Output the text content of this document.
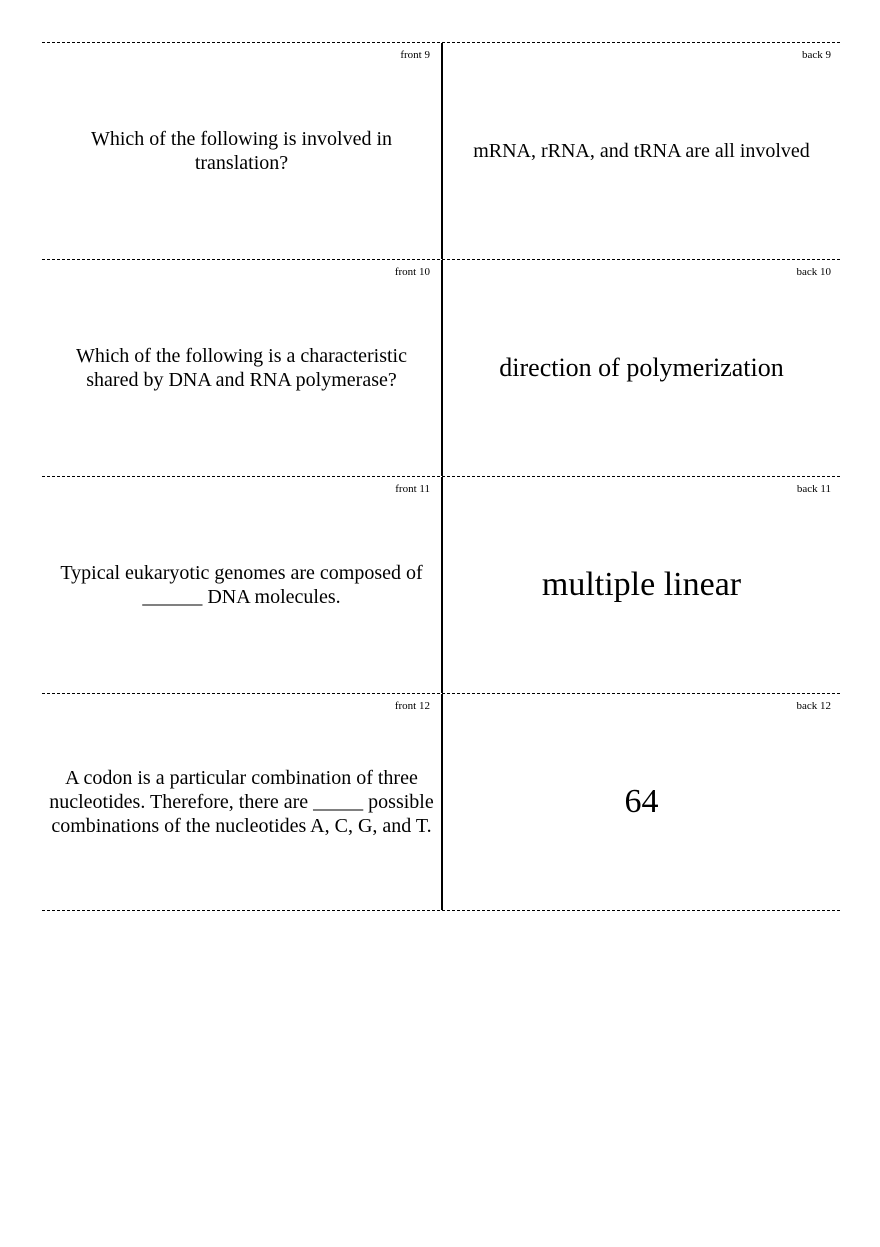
front 9
Which of the following is involved in
translation?
back 9
mRNA, rRNA, and tRNA are all involved
front 10
Which of the following is a characteristic
shared by DNA and RNA polymerase?
back 10
direction of polymerization
front 11
Typical eukaryotic genomes are composed of
______ DNA molecules.
back 11
multiple linear
front 12
A codon is a particular combination of three
nucleotides. Therefore, there are _____ possible
combinations of the nucleotides A, C, G, and T.
back 12
64
